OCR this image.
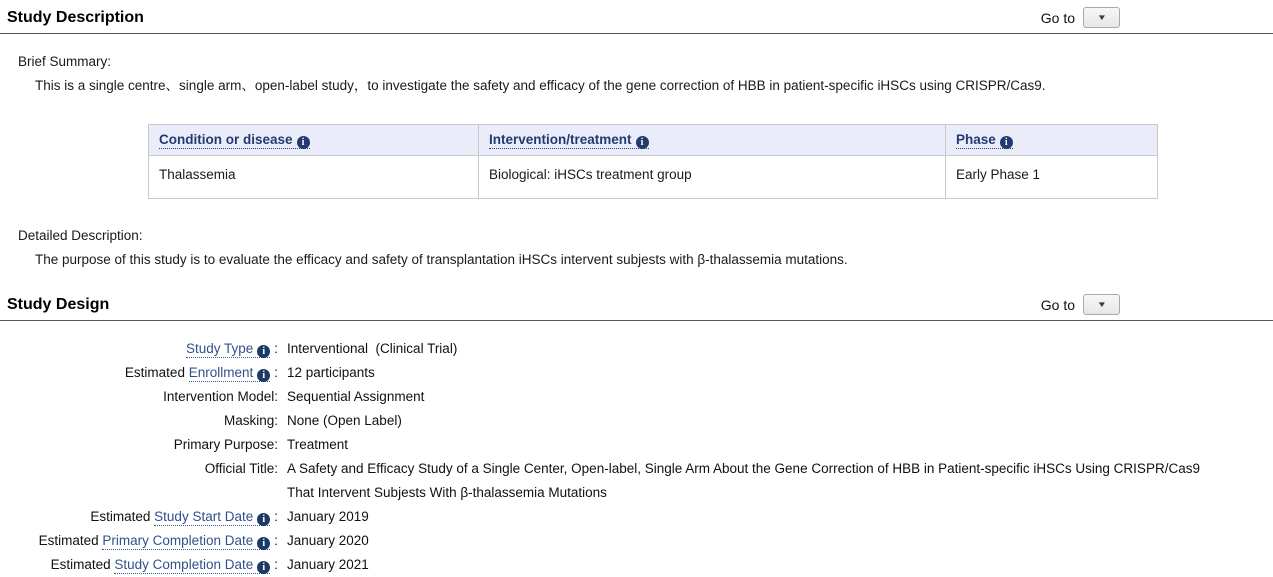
Study Description	Go to	▼
Brief Summary:
This is a single centre、single arm、open-label study，to investigate the safety and efficacy of the gene correction of HBB in patient-specific iHSCs using CRISPR/Cas9.
Condition or disease i	Intervention/treatment i	Phase i

Thalassemia	Biological: iHSCs treatment group	Early Phase 1
Detailed Description:
The purpose of this study is to evaluate the efficacy and safety of transplantation iHSCs intervent subjests with β-thalassemia mutations.
Study Design	Go to	▼
Study Type i : Interventional  (Clinical Trial)
Estimated Enrollment i : 12 participants
Intervention Model: Sequential Assignment
Masking: None (Open Label)
Primary Purpose: Treatment
Official Title: A Safety and Efficacy Study of a Single Center, Open-label, Single Arm About the Gene Correction of HBB in Patient-specific iHSCs Using CRISPR/Cas9 That Intervent Subjests With β-thalassemia Mutations
Estimated Study Start Date i : January 2019
Estimated Primary Completion Date i : January 2020
Estimated Study Completion Date i : January 2021
